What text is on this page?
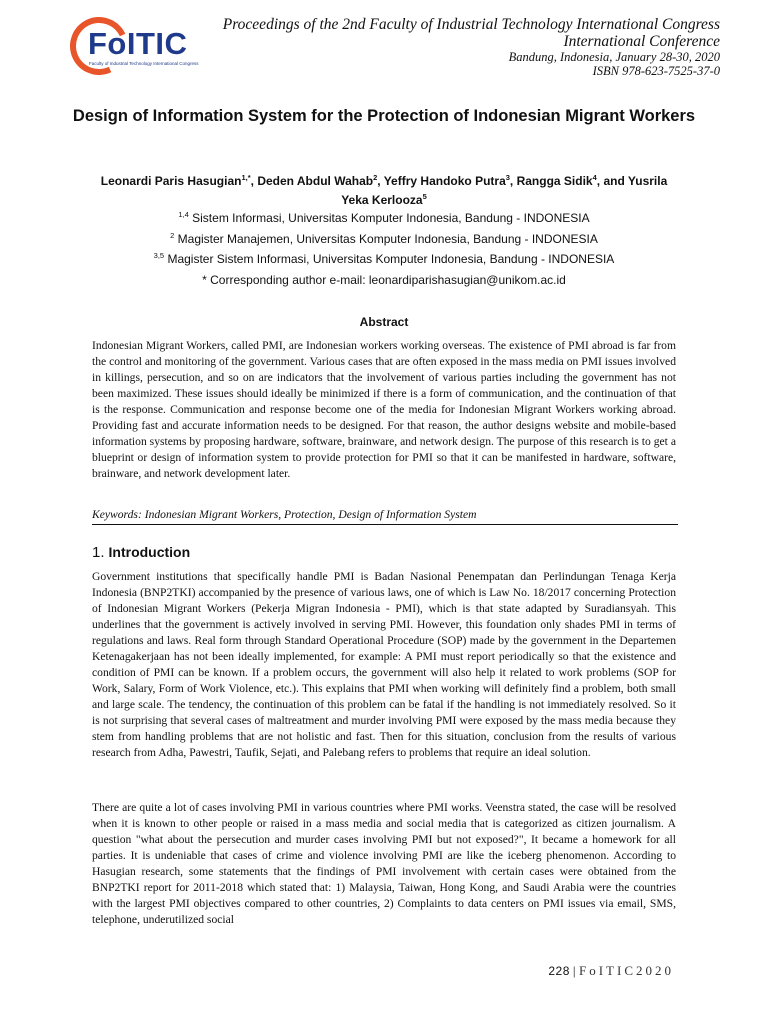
FoITIC
Faculty of Industrial Technology International Congress
Proceedings of the 2nd Faculty of Industrial Technology International Congress
International Conference
Bandung, Indonesia, January 28-30, 2020
ISBN 978-623-7525-37-0
Design of Information System for the Protection of Indonesian Migrant Workers
Leonardi Paris Hasugian$^{1,*}$, Deden Abdul Wahab$^2$, Yeffry Handoko Putra$^3$, Rangga Sidik$^4$, and Yusrila Yeka Kerlooza$^5$
$^{1,4}$ Sistem Informasi, Universitas Komputer Indonesia, Bandung - INDONESIA
$^2$ Magister Manajemen, Universitas Komputer Indonesia, Bandung - INDONESIA
$^{3,5}$ Magister Sistem Informasi, Universitas Komputer Indonesia, Bandung - INDONESIA
* Corresponding author e-mail: leonardiparishasugian@unikom.ac.id
Abstract

Indonesian Migrant Workers, called PMI, are Indonesian workers working overseas. The existence of PMI abroad is far from the control and monitoring of the government. Various cases that are often exposed in the mass media on PMI issues involved in killings, persecution, and so on are indicators that the involvement of various parties including the government has not been maximized. These issues should ideally be minimized if there is a form of communication, and the continuation of that is the response. Communication and response become one of the media for Indonesian Migrant Workers working abroad. Providing fast and accurate information needs to be designed. For that reason, the author designs website and mobile-based information systems by proposing hardware, software, brainware, and network design. The purpose of this research is to get a blueprint or design of information system to provide protection for PMI so that it can be manifested in hardware, software, brainware, and network development later.

Keywords: Indonesian Migrant Workers, Protection, Design of Information System
1. Introduction

Government institutions that specifically handle PMI is Badan Nasional Penempatan dan Perlindungan Tenaga Kerja Indonesia (BNP2TKI) accompanied by the presence of various laws, one of which is Law No. 18/2017 concerning Protection of Indonesian Migrant Workers (Pekerja Migran Indonesia - PMI), which is that state adapted by Suradiansyah. This underlines that the government is actively involved in serving PMI. However, this foundation only shades PMI in terms of regulations and laws. Real form through Standard Operational Procedure (SOP) made by the government in the Departemen Ketenagakerjaan has not been ideally implemented, for example: A PMI must report periodically so that the existence and condition of PMI can be known. If a problem occurs, the government will also help it related to work problems (SOP for Work, Salary, Form of Work Violence, etc.). This explains that PMI when working will definitely find a problem, both small and large scale. The tendency, the continuation of this problem can be fatal if the handling is not immediately resolved. So it is not surprising that several cases of maltreatment and murder involving PMI were exposed by the mass media because they stem from handling problems that are not holistic and fast. Then for this situation, conclusion from the results of various research from Adha, Pawestri, Taufik, Sejati, and Palebang refers to problems that require an ideal solution.

There are quite a lot of cases involving PMI in various countries where PMI works. Veenstra stated, the case will be resolved when it is known to other people or raised in a mass media and social media that is categorized as citizen journalism. A question "what about the persecution and murder cases involving PMI but not exposed?", It became a homework for all parties. It is undeniable that cases of crime and violence involving PMI are like the iceberg phenomenon. According to Hasugian research, some statements that the findings of PMI involvement with certain cases were obtained from the BNP2TKI report for 2011-2018 which stated that: 1) Malaysia, Taiwan, Hong Kong, and Saudi Arabia were the countries with the largest PMI objectives compared to other countries, 2) Complaints to data centers on PMI issues via email, SMS, telephone, underutilized social

228 | FoITIC2020
